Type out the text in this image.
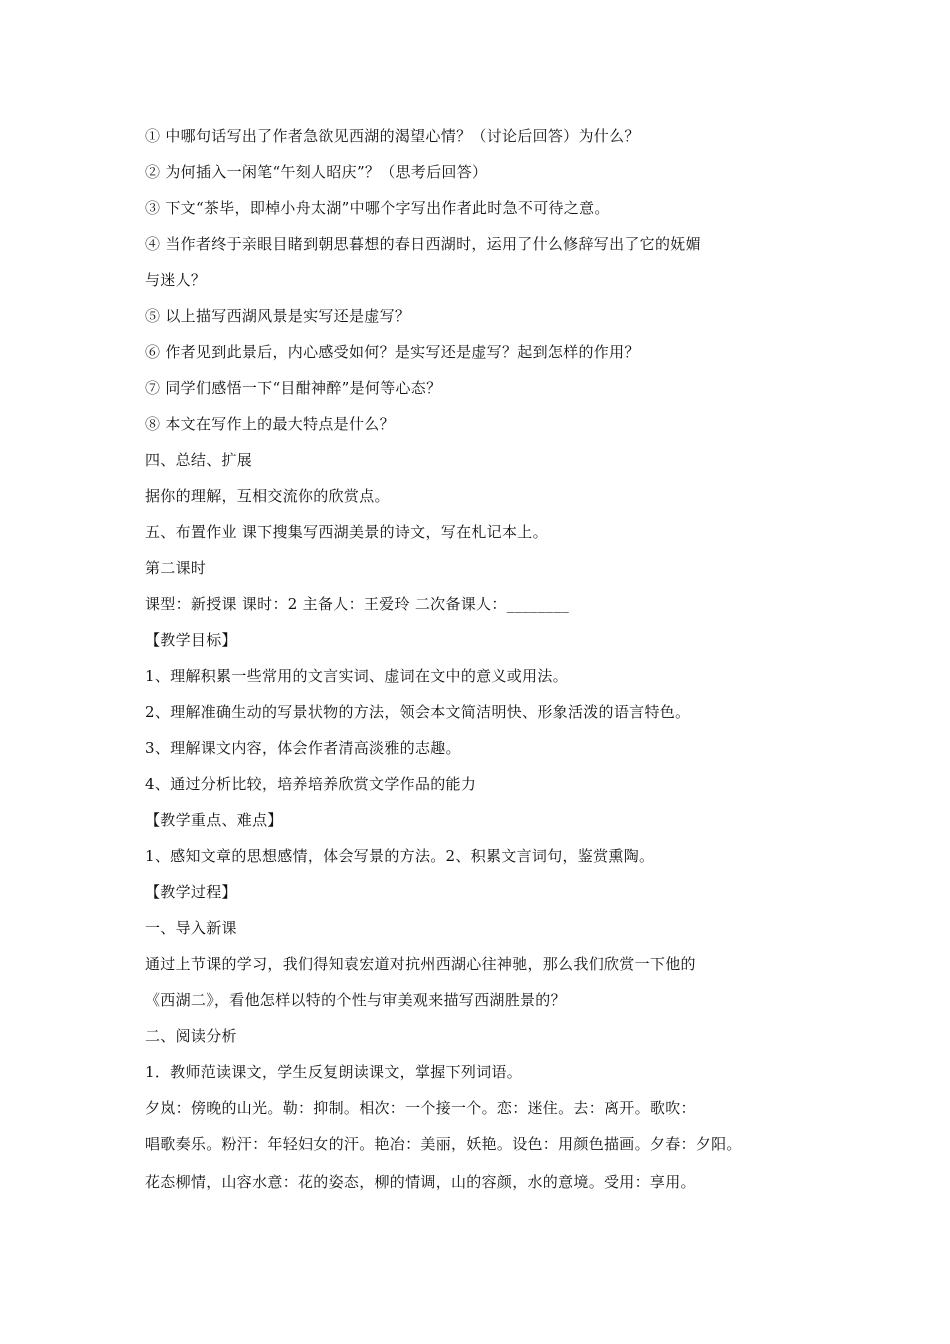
① 中哪句话写出了作者急欲见西湖的渴望心情？（讨论后回答）为什么？
② 为何插入一闲笔“午刻人昭庆”？（思考后回答）
③ 下文“茶毕，即棹小舟太湖”中哪个字写出作者此时急不可待之意。
④ 当作者终于亲眼目睹到朝思暮想的春日西湖时，运用了什么修辞写出了它的妩媚
与迷人？
⑤ 以上描写西湖风景是实写还是虚写？
⑥ 作者见到此景后，内心感受如何？是实写还是虚写？起到怎样的作用？
⑦ 同学们感悟一下“目酣神醉”是何等心态？
⑧ 本文在写作上的最大特点是什么？
四、总结、扩展
据你的理解，互相交流你的欣赏点。
五、布置作业 课下搜集写西湖美景的诗文，写在札记本上。
第二课时
课型：新授课 课时：2 主备人：王爱玲 二次备课人：________
【教学目标】
1、理解积累一些常用的文言实词、虚词在文中的意义或用法。
2、理解准确生动的写景状物的方法，领会本文简洁明快、形象活泼的语言特色。
3、理解课文内容，体会作者清高淡雅的志趣。
4、通过分析比较，培养培养欣赏文学作品的能力
【教学重点、难点】
1、感知文章的思想感情，体会写景的方法。2、积累文言词句，鉴赏熏陶。
【教学过程】
一、导入新课
通过上节课的学习，我们得知袁宏道对抗州西湖心往神驰，那么我们欣赏一下他的
《西湖二》，看他怎样以特的个性与审美观来描写西湖胜景的？
二、阅读分析
1．教师范读课文，学生反复朗读课文，掌握下列词语。
夕岚：傍晚的山光。勒：抑制。相次：一个接一个。恋：迷住。去：离开。歌吹：
唱歌奏乐。粉汗：年轻妇女的汗。艳冶：美丽，妖艳。设色：用颜色描画。夕春：夕阳。
花态柳情，山容水意：花的姿态，柳的情调，山的容颜，水的意境。受用：享用。
